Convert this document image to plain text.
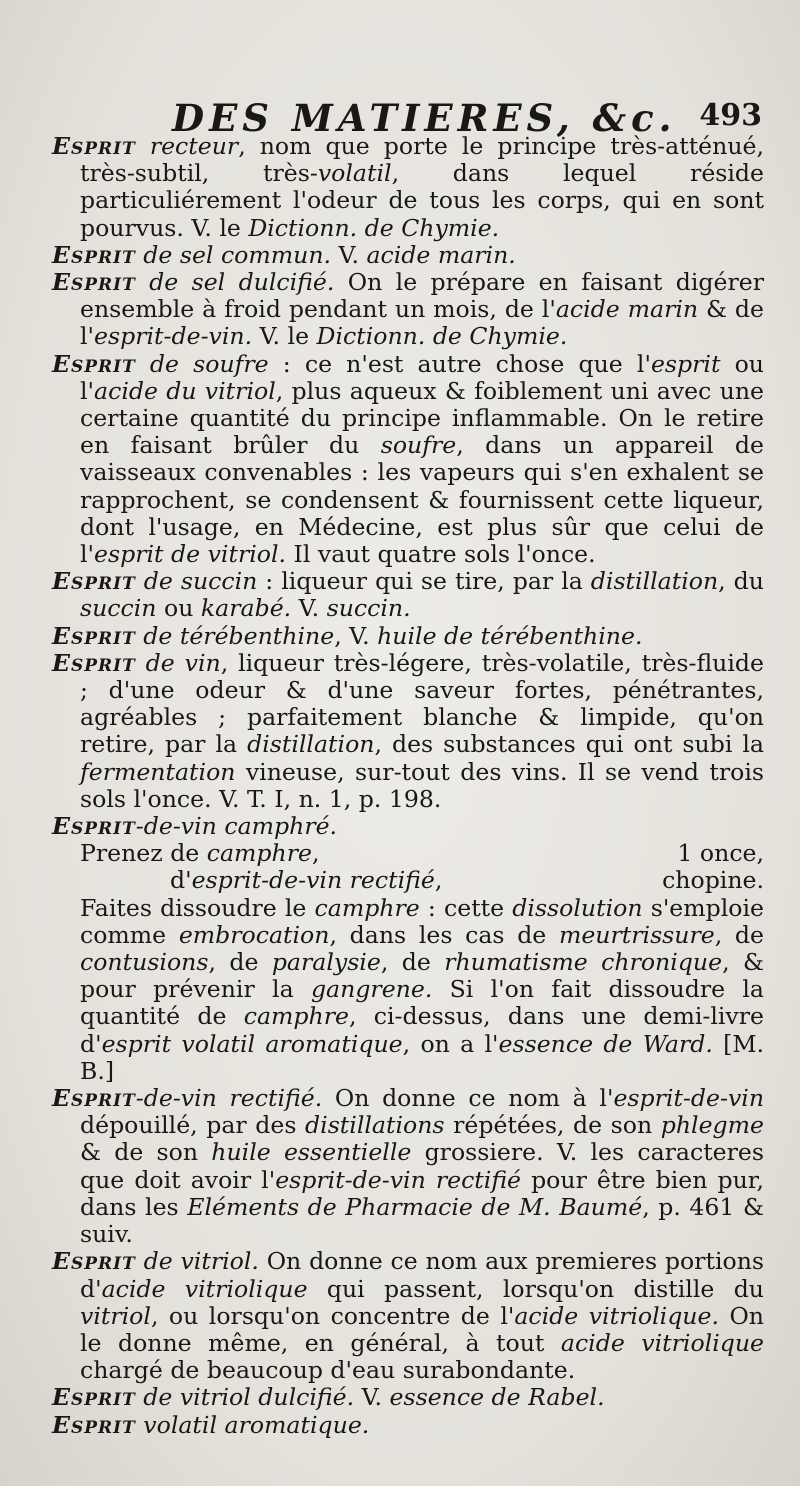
DES MATIERES, &c. 493

Esprit recteur, nom que porte le principe très-atténué, très-subtil, très-volatil, dans lequel réside particuliérement l'odeur de tous les corps, qui en sont pourvus. V. le Dictionn. de Chymie.

Esprit de sel commun. V. acide marin.

Esprit de sel dulcifié. On le prépare en faisant digérer ensemble à froid pendant un mois, de l'acide marin & de l'esprit-de-vin. V. le Dictionn. de Chymie.

Esprit de soufre : ce n'est autre chose que l'esprit ou l'acide du vitriol, plus aqueux & foiblement uni avec une certaine quantité du principe inflammable. On le retire en faisant brûler du soufre, dans un appareil de vaisseaux convenables : les vapeurs qui s'en exhalent se rapprochent, se condensent & fournissent cette liqueur, dont l'usage, en Médecine, est plus sûr que celui de l'esprit de vitriol. Il vaut quatre sols l'once.

Esprit de succin : liqueur qui se tire, par la distillation, du succin ou karabé. V. succin.

Esprit de térébenthine, V. huile de térébenthine.

Esprit de vin, liqueur très-légere, très-volatile, très-fluide ; d'une odeur & d'une saveur fortes, pénétrantes, agréables ; parfaitement blanche & limpide, qu'on retire, par la distillation, des substances qui ont subi la fermentation vineuse, sur-tout des vins. Il se vend trois sols l'once. V. T. I, n. 1, p. 198.

Esprit-de-vin camphré.
Prenez de camphre,	1 once,
d'esprit-de-vin rectifié,	chopine.
Faites dissoudre le camphre : cette dissolution s'emploie comme embrocation, dans les cas de meurtrissure, de contusions, de paralysie, de rhumatisme chronique, & pour prévenir la gangrene. Si l'on fait dissoudre la quantité de camphre, ci-dessus, dans une demi-livre d'esprit volatil aromatique, on a l'essence de Ward. [M. B.]

Esprit-de-vin rectifié. On donne ce nom à l'esprit-de-vin dépouillé, par des distillations répétées, de son phlegme & de son huile essentielle grossiere. V. les caracteres que doit avoir l'esprit-de-vin rectifié pour être bien pur, dans les Eléments de Pharmacie de M. Baumé, p. 461 & suiv.

Esprit de vitriol. On donne ce nom aux premieres portions d'acide vitriolique qui passent, lorsqu'on distille du vitriol, ou lorsqu'on concentre de l'acide vitriolique. On le donne même, en général, à tout acide vitriolique chargé de beaucoup d'eau surabondante.

Esprit de vitriol dulcifié. V. essence de Rabel.

Esprit volatil aromatique.
